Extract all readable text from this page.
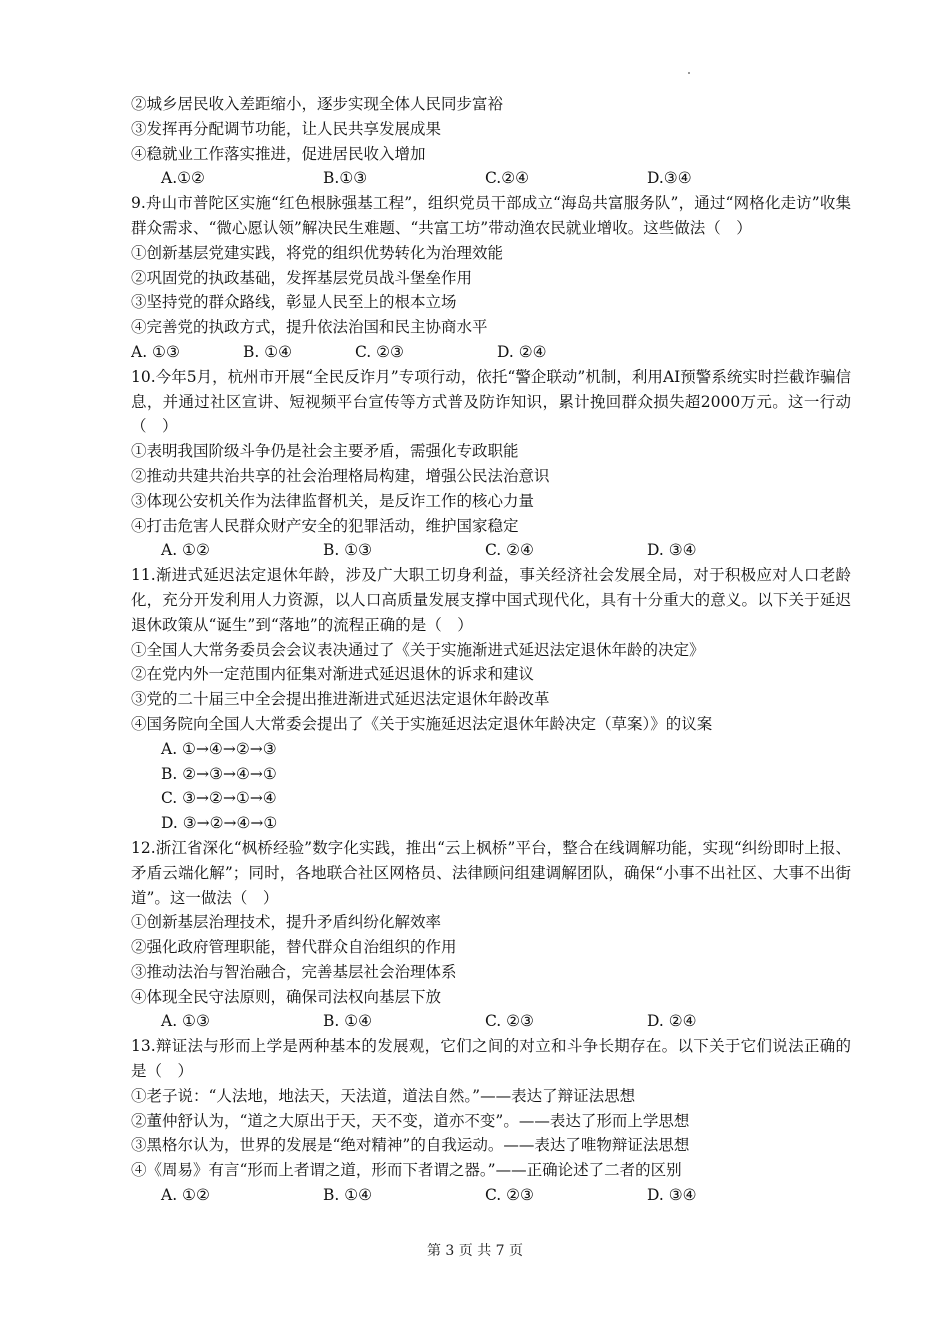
②城乡居民收入差距缩小，逐步实现全体人民同步富裕
③发挥再分配调节功能，让人民共享发展成果
④稳就业工作落实推进，促进居民收入增加
A.①②	B.①③	C.②④	D.③④
9.舟山市普陀区实施“红色根脉强基工程”，组织党员干部成立“海岛共富服务队”，通过“网格化走访”收集群众需求、“微心愿认领”解决民生难题、“共富工坊”带动渔农民就业增收。这些做法（　）
①创新基层党建实践，将党的组织优势转化为治理效能
②巩固党的执政基础，发挥基层党员战斗堡垒作用
③坚持党的群众路线，彰显人民至上的根本立场
④完善党的执政方式，提升依法治国和民主协商水平
A. ①③	B. ①④	C. ②③	D. ②④
10.今年5月，杭州市开展“全民反诈月”专项行动，依托“警企联动”机制，利用AI预警系统实时拦截诈骗信息，并通过社区宣讲、短视频平台宣传等方式普及防诈知识，累计挽回群众损失超2000万元。这一行动（　）
①表明我国阶级斗争仍是社会主要矛盾，需强化专政职能
②推动共建共治共享的社会治理格局构建，增强公民法治意识
③体现公安机关作为法律监督机关，是反诈工作的核心力量
④打击危害人民群众财产安全的犯罪活动，维护国家稳定
A. ①②	B. ①③	C. ②④	D. ③④
11.渐进式延迟法定退休年龄，涉及广大职工切身利益，事关经济社会发展全局，对于积极应对人口老龄化，充分开发利用人力资源，以人口高质量发展支撑中国式现代化，具有十分重大的意义。以下关于延迟退休政策从“诞生”到“落地”的流程正确的是（　）
①全国人大常务委员会会议表决通过了《关于实施渐进式延迟法定退休年龄的决定》
②在党内外一定范围内征集对渐进式延迟退休的诉求和建议
③党的二十届三中全会提出推进渐进式延迟法定退休年龄改革
④国务院向全国人大常委会提出了《关于实施延迟法定退休年龄决定（草案）》的议案
A. ①→④→②→③
B. ②→③→④→①
C. ③→②→①→④
D. ③→②→④→①
12.浙江省深化“枫桥经验”数字化实践，推出“云上枫桥”平台，整合在线调解功能，实现“纠纷即时上报、矛盾云端化解”；同时，各地联合社区网格员、法律顾问组建调解团队，确保“小事不出社区、大事不出街道”。这一做法（　）
①创新基层治理技术，提升矛盾纠纷化解效率
②强化政府管理职能，替代群众自治组织的作用
③推动法治与智治融合，完善基层社会治理体系
④体现全民守法原则，确保司法权向基层下放
A. ①③	B. ①④	C. ②③	D. ②④
13.辩证法与形而上学是两种基本的发展观，它们之间的对立和斗争长期存在。以下关于它们说法正确的是（　）
①老子说：“人法地，地法天，天法道，道法自然。”——表达了辩证法思想
②董仲舒认为，“道之大原出于天，天不变，道亦不变”。——表达了形而上学思想
③黑格尔认为，世界的发展是“绝对精神”的自我运动。——表达了唯物辩证法思想
④《周易》有言“形而上者谓之道，形而下者谓之器。”——正确论述了二者的区别
A. ①②	B. ①④	C. ②③	D. ③④
第 3 页 共 7 页
